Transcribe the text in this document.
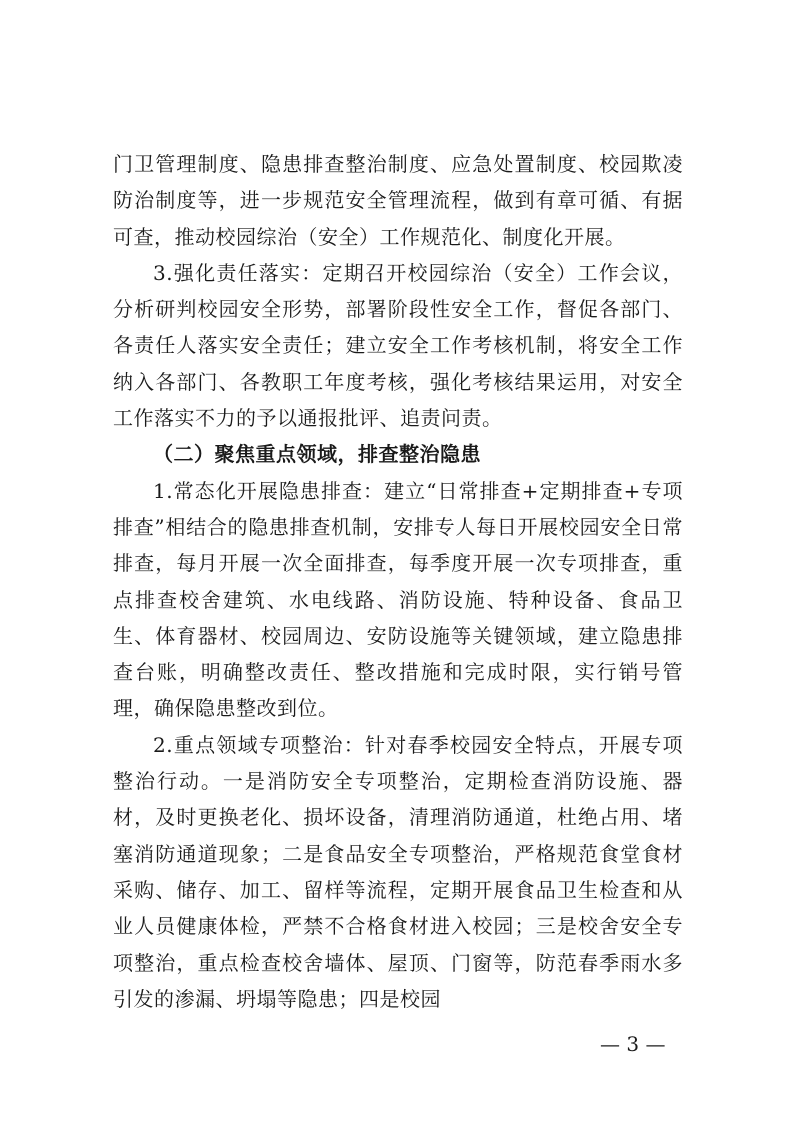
门卫管理制度、隐患排查整治制度、应急处置制度、校园欺凌防治制度等，进一步规范安全管理流程，做到有章可循、有据可查，推动校园综治（安全）工作规范化、制度化开展。

3.强化责任落实：定期召开校园综治（安全）工作会议，分析研判校园安全形势，部署阶段性安全工作，督促各部门、各责任人落实安全责任；建立安全工作考核机制，将安全工作纳入各部门、各教职工年度考核，强化考核结果运用，对安全工作落实不力的予以通报批评、追责问责。

（二）聚焦重点领域，排查整治隐患

1.常态化开展隐患排查：建立“日常排查+定期排查+专项排查”相结合的隐患排查机制，安排专人每日开展校园安全日常排查，每月开展一次全面排查，每季度开展一次专项排查，重点排查校舍建筑、水电线路、消防设施、特种设备、食品卫生、体育器材、校园周边、安防设施等关键领域，建立隐患排查台账，明确整改责任、整改措施和完成时限，实行销号管理，确保隐患整改到位。

2.重点领域专项整治：针对春季校园安全特点，开展专项整治行动。一是消防安全专项整治，定期检查消防设施、器材，及时更换老化、损坏设备，清理消防通道，杜绝占用、堵塞消防通道现象；二是食品安全专项整治，严格规范食堂食材采购、储存、加工、留样等流程，定期开展食品卫生检查和从业人员健康体检，严禁不合格食材进入校园；三是校舍安全专项整治，重点检查校舍墙体、屋顶、门窗等，防范春季雨水多引发的渗漏、坍塌等隐患；四是校园

— 3 —
